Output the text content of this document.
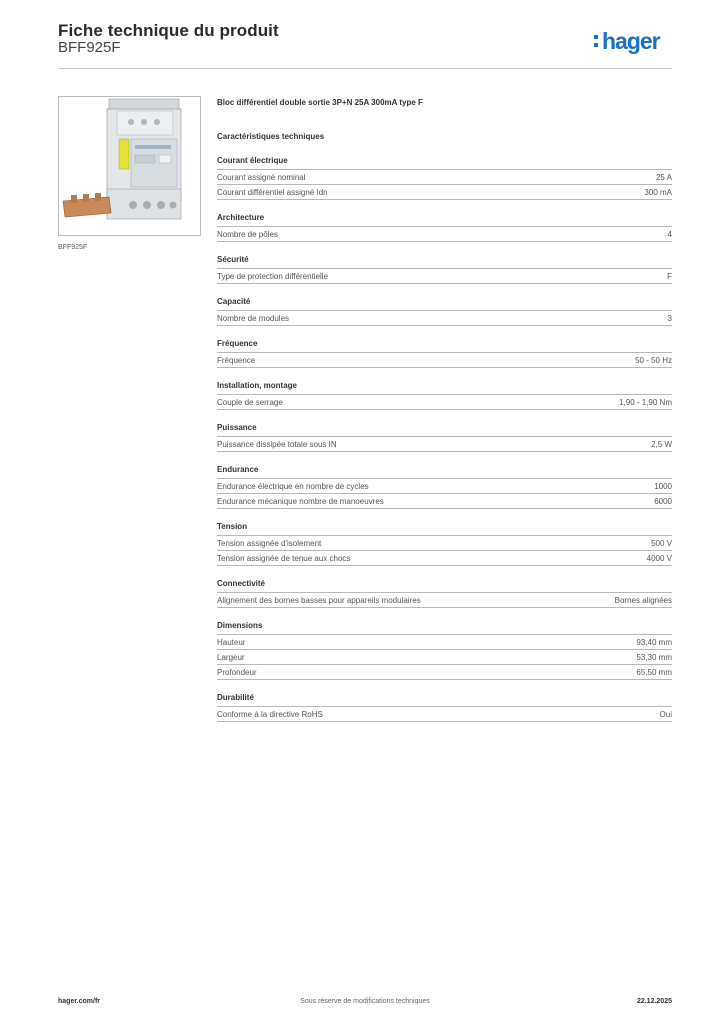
Fiche technique du produit
BFF925F	hager
BFF925F
Bloc différentiel double sortie 3P+N 25A 300mA type F
Caractéristiques techniques
Courant électrique
Courant assigné nominal	25 A
Courant différentiel assigné Idn	300 mA
Architecture
Nombre de pôles	4
Sécurité
Type de protection différentielle	F
Capacité
Nombre de modules	3
Fréquence
Fréquence	50 - 50 Hz
Installation, montage
Couple de serrage	1,90 - 1,90 Nm
Puissance
Puissance dissipée totale sous IN	2,5 W
Endurance
Endurance électrique en nombre de cycles	1000
Endurance mécanique nombre de manoeuvres	6000
Tension
Tension assignée d'isolement	500 V
Tension assignée de tenue aux chocs	4000 V
Connectivité
Alignement des bornes basses pour appareils modulaires	Bornes alignées
Dimensions
Hauteur	93,40 mm
Largeur	53,30 mm
Profondeur	65,50 mm
Durabilité
Conforme à la directive RoHS	Oui
hager.com/fr	Sous réserve de modifications techniques	22.12.2025
